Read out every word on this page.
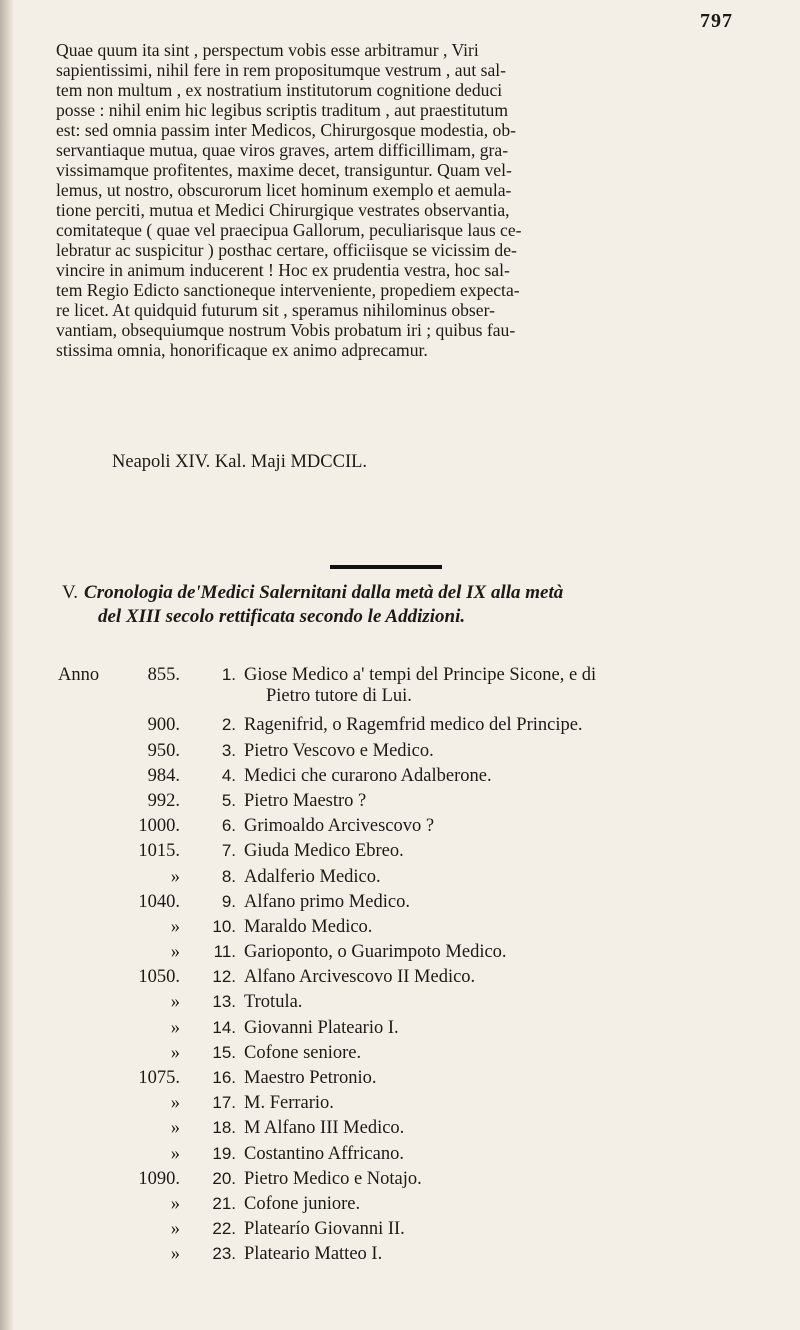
797

Quae quum ita sint , perspectum vobis esse arbitramur , Viri
sapientissimi, nihil fere in rem propositumque vestrum , aut sal-
tem non multum , ex nostratium institutorum cognitione deduci
posse : nihil enim hic legibus scriptis traditum , aut praestitutum
est: sed omnia passim inter Medicos, Chirurgosque modestia, ob-
servantiaque mutua, quae viros graves, artem difficillimam, gra-
vissimamque profitentes, maxime decet, transiguntur. Quam vel-
lemus, ut nostro, obscurorum licet hominum exemplo et aemula-
tione perciti, mutua et Medici Chirurgique vestrates observantia,
comitateque ( quae vel praecipua Gallorum, peculiarisque laus ce-
lebratur ac suspicitur ) posthac certare, officiisque se vicissim de-
vincire in animum inducerent ! Hoc ex prudentia vestra, hoc sal-
tem Regio Edicto sanctioneque interveniente, propediem expecta-
re licet. At quidquid futurum sit , speramus nihilominus obser-
vantiam, obsequiumque nostrum Vobis probatum iri ; quibus fau-
stissima omnia, honorificaque ex animo adprecamur.

Neapoli XIV. Kal. Maji MDCCIL.

V. Cronologia de'Medici Salernitani dalla metà del IX alla metà
del XIII secolo rettificata secondo le Addizioni.
Anno	855.	1. Giose Medico a' tempi del Principe Sicone, e di
Pietro tutore di Lui.
900.	2. Ragenifrid, o Ragemfrid medico del Principe.
950.	3. Pietro Vescovo e Medico.
984.	4. Medici che curarono Adalberone.
992.	5. Pietro Maestro ?
1000.	6. Grimoaldo Arcivescovo ?
1015.	7. Giuda Medico Ebreo.
»	8. Adalferio Medico.
1040.	9. Alfano primo Medico.
»	10. Maraldo Medico.
»	11. Garioponto, o Guarimpoto Medico.
1050.	12. Alfano Arcivescovo II Medico.
»	13. Trotula.
»	14. Giovanni Plateario I.
»	15. Cofone seniore.
1075.	16. Maestro Petronio.
»	17. M. Ferrario.
»	18. M Alfano III Medico.
»	19. Costantino Affricano.
1090.	20. Pietro Medico e Notajo.
»	21. Cofone juniore.
»	22. Platearío Giovanni II.
»	23. Plateario Matteo I.
